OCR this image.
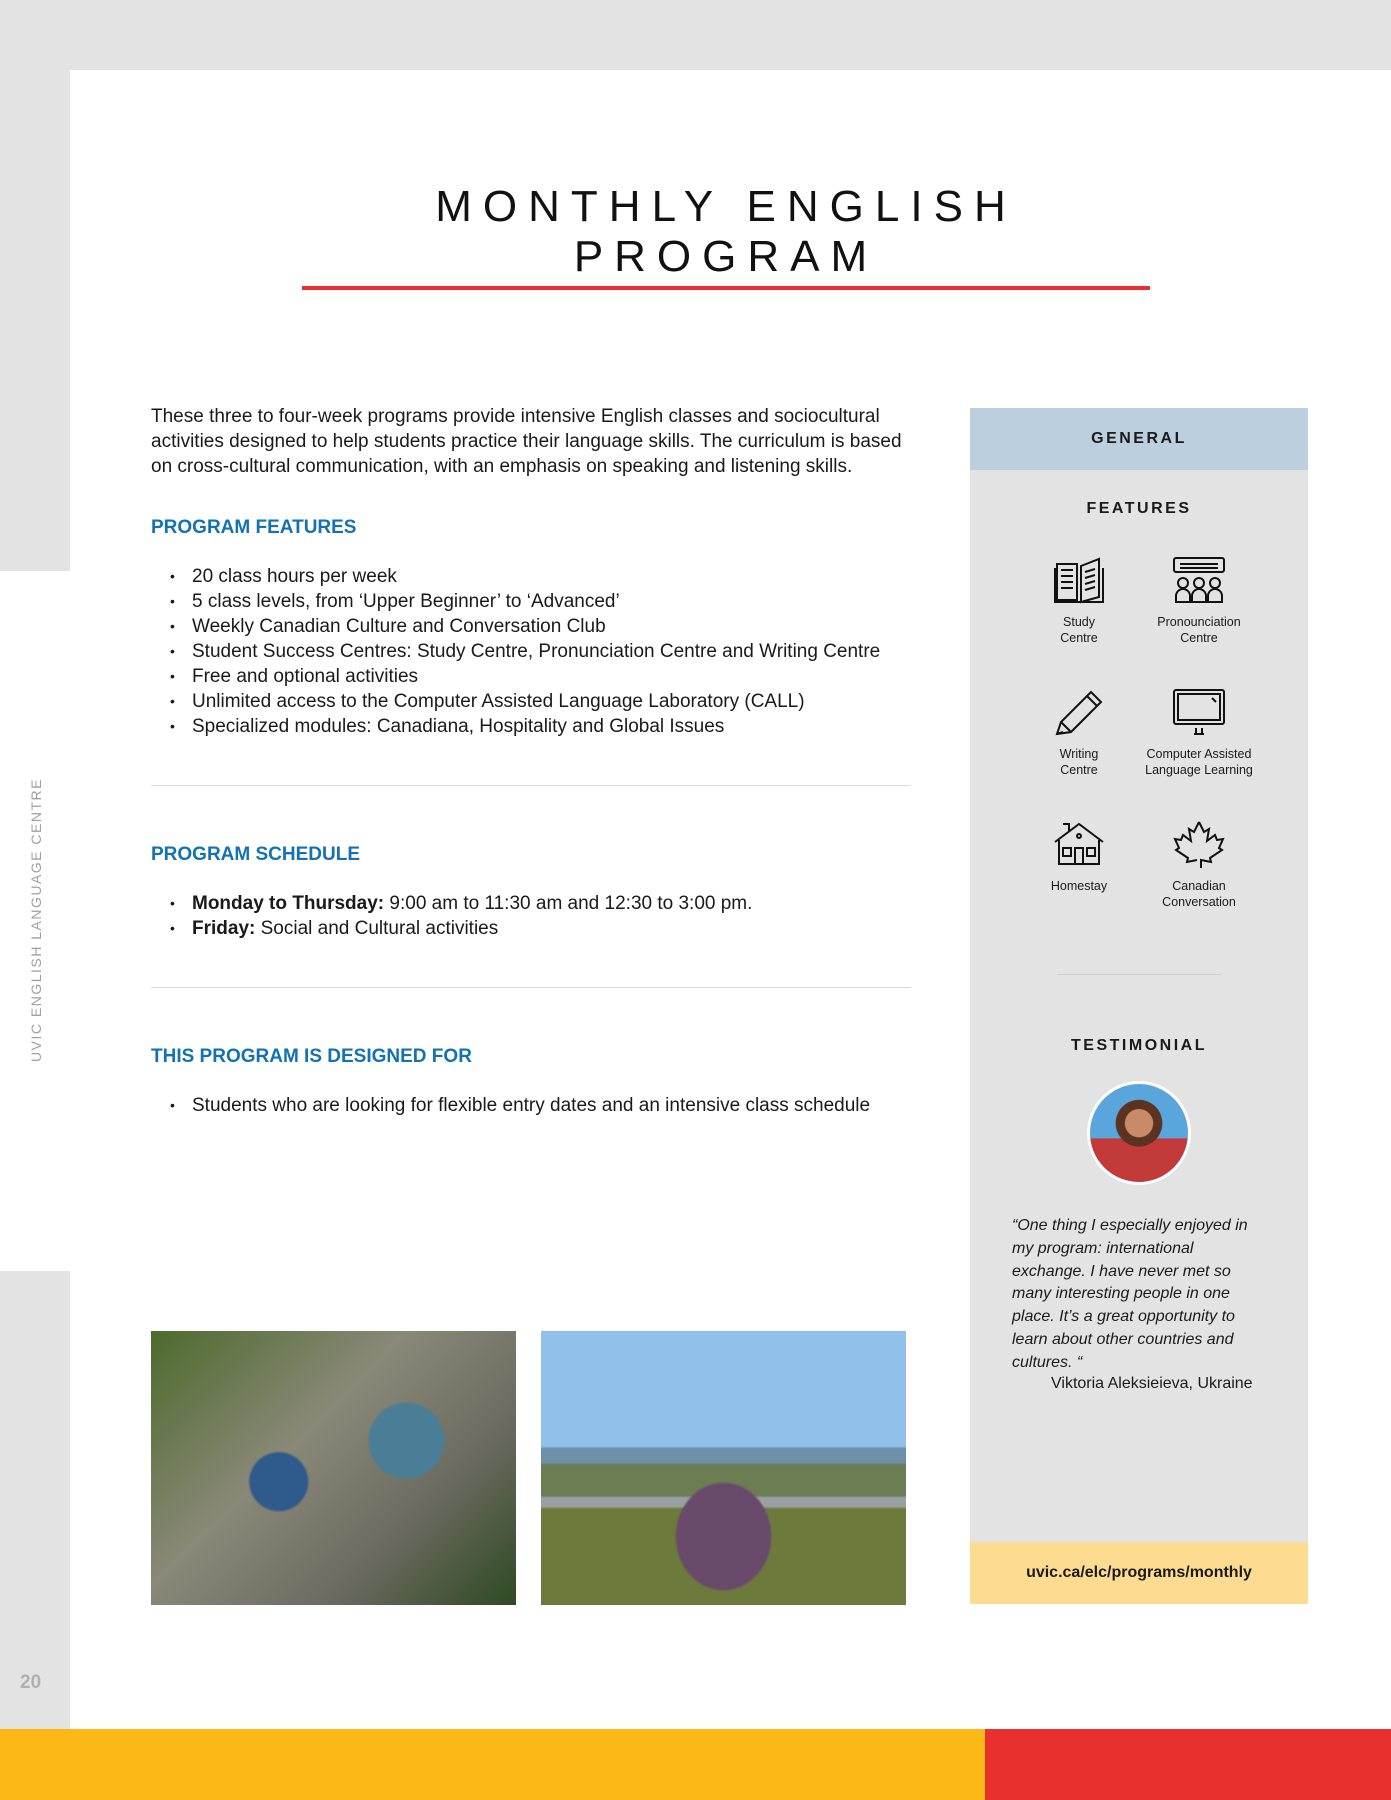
UVIC ENGLISH LANGUAGE CENTRE
20
MONTHLY ENGLISH PROGRAM

These three to four-week programs provide intensive English classes and sociocultural activities designed to help students practice their language skills. The curriculum is based on cross-cultural communication, with an emphasis on speaking and listening skills.

PROGRAM FEATURES
• 20 class hours per week
• 5 class levels, from ‘Upper Beginner’ to ‘Advanced’
• Weekly Canadian Culture and Conversation Club
• Student Success Centres: Study Centre, Pronunciation Centre and Writing Centre
• Free and optional activities
• Unlimited access to the Computer Assisted Language Laboratory (CALL)
• Specialized modules: Canadiana, Hospitality and Global Issues
PROGRAM SCHEDULE
• Monday to Thursday: 9:00 am to 11:30 am and 12:30 to 3:00 pm.
• Friday: Social and Cultural activities
THIS PROGRAM IS DESIGNED FOR
• Students who are looking for flexible entry dates and an intensive class schedule
GENERAL
FEATURES
Study
Centre
Pronounciation
Centre
Writing
Centre
Computer Assisted
Language Learning
Homestay	Canadian
Conversation
TESTIMONIAL
“One thing I especially enjoyed in my program: international exchange. I have never met so many interesting people in one place. It’s a great opportunity to learn about other countries and cultures. “
Viktoria Aleksieieva, Ukraine
uvic.ca/elc/programs/monthly
